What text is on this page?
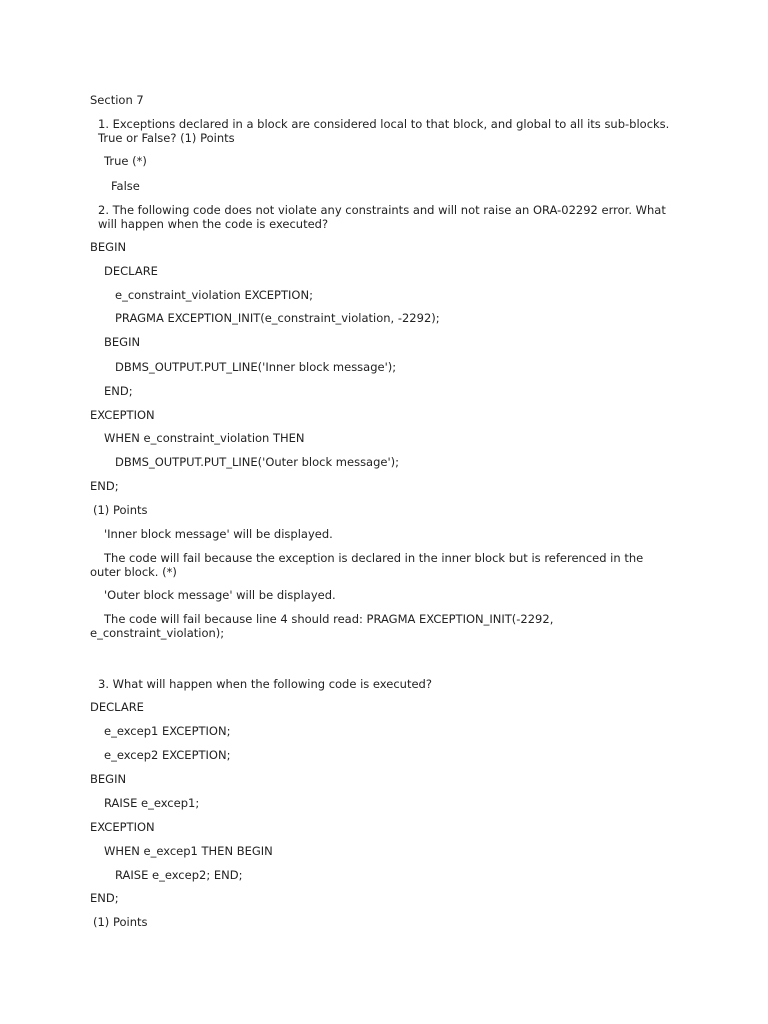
Section 7
1. Exceptions declared in a block are considered local to that block, and global to all its sub-blocks. True or False? (1) Points
True (*)
False
2. The following code does not violate any constraints and will not raise an ORA-02292 error. What will happen when the code is executed?
BEGIN
DECLARE
e_constraint_violation EXCEPTION;
PRAGMA EXCEPTION_INIT(e_constraint_violation, -2292);
BEGIN
DBMS_OUTPUT.PUT_LINE('Inner block message');
END;
EXCEPTION
WHEN e_constraint_violation THEN
DBMS_OUTPUT.PUT_LINE('Outer block message');
END;
(1) Points
'Inner block message' will be displayed.
The code will fail because the exception is declared in the inner block but is referenced in the outer block. (*)
'Outer block message' will be displayed.
The code will fail because line 4 should read: PRAGMA EXCEPTION_INIT(-2292, e_constraint_violation);
3. What will happen when the following code is executed?
DECLARE
e_excep1 EXCEPTION;
e_excep2 EXCEPTION;
BEGIN
RAISE e_excep1;
EXCEPTION
WHEN e_excep1 THEN BEGIN
RAISE e_excep2; END;
END;
(1) Points
